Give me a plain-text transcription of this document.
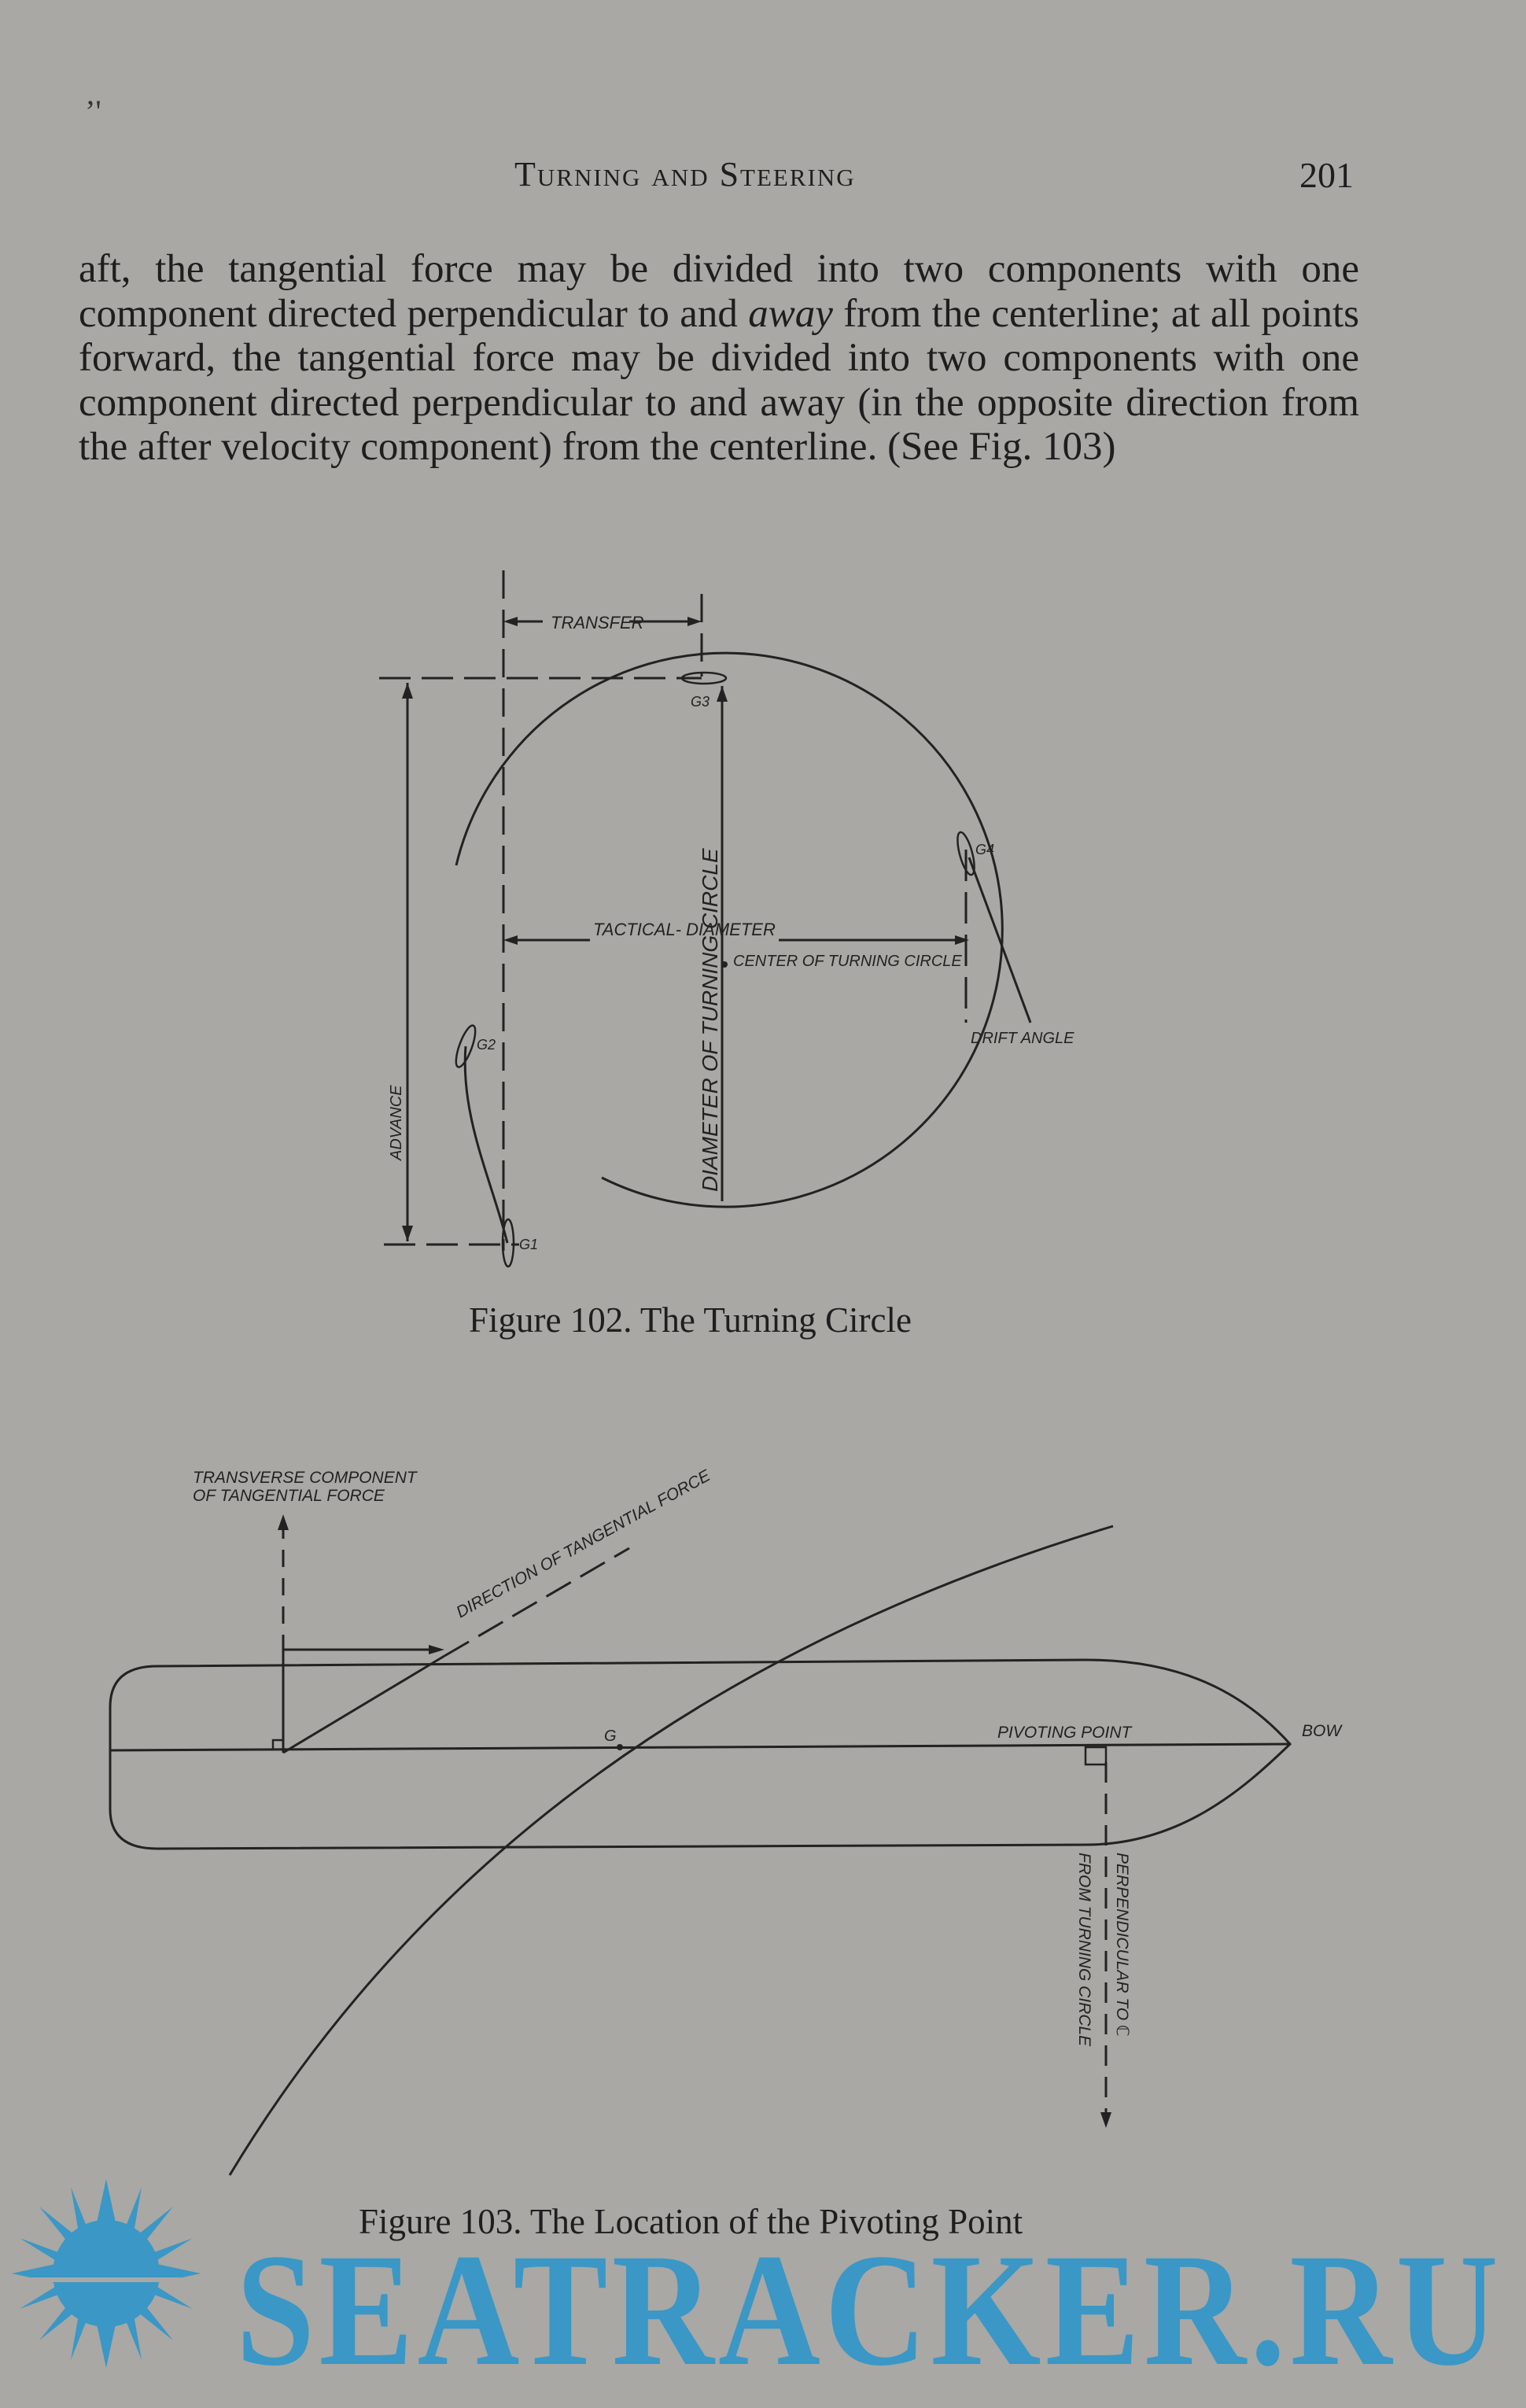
’'
Turning and Steering	201

aft, the tangential force may be divided into two components with one component directed perpendicular to and away from the centerline; at all points forward, the tangential force may be divided into two components with one component directed perpendicular to and away (in the opposite direction from the after velocity component) from the centerline. (See Fig. 103)

TRANSFER
TACTICAL- DIAMETER
CENTER OF TURNING CIRCLE
DRIFT ANGLE
G1
G2
G3
G4
ADVANCE	DIAMETER OF TURNING CIRCLE
Figure 102. The Turning Circle
TRANSVERSE COMPONENT
OF TANGENTIAL FORCE	DIRECTION OF TANGENTIAL FORCE
G	PIVOTING POINT	BOW
PERPENDICULAR TO ℂ
FROM TURNING CIRCLE
Figure 103. The Location of the Pivoting Point
SEATRACKER.RU
